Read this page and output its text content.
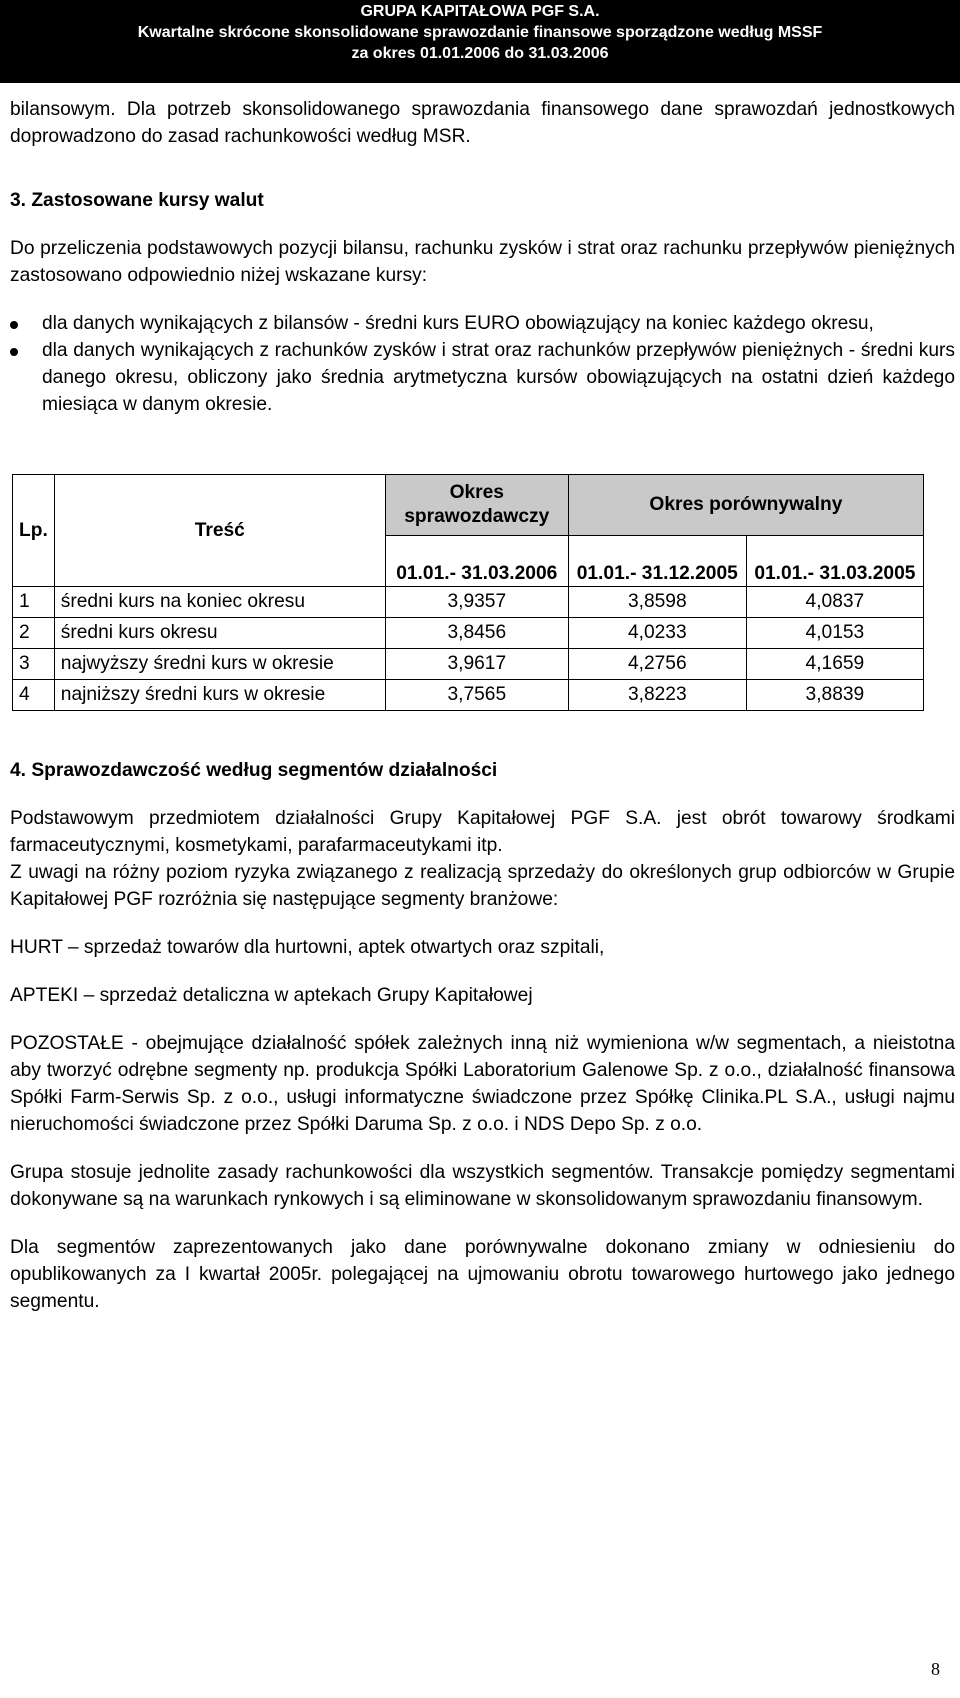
GRUPA KAPITAŁOWA PGF S.A.
Kwartalne skrócone skonsolidowane sprawozdanie finansowe sporządzone według MSSF
za okres 01.01.2006 do 31.03.2006

bilansowym. Dla potrzeb skonsolidowanego sprawozdania finansowego dane sprawozdań jednostkowych doprowadzono do zasad rachunkowości według MSR.

3. Zastosowane kursy walut

Do przeliczenia podstawowych pozycji bilansu, rachunku zysków i strat oraz rachunku przepływów pieniężnych zastosowano odpowiednio niżej wskazane kursy:

dla danych wynikających z bilansów - średni kurs EURO obowiązujący na koniec każdego okresu,
dla danych wynikających z rachunków zysków i strat oraz rachunków przepływów pieniężnych - średni kurs danego okresu, obliczony jako średnia arytmetyczna kursów obowiązujących na ostatni dzień każdego miesiąca w danym okresie.
Lp.	Treść	Okres sprawozdawczy	Okres porównywalny	
		01.01.- 31.03.2006	01.01.- 31.12.2005	01.01.- 31.03.2005
1	średni kurs na koniec okresu	3,9357	3,8598	4,0837
2	średni kurs okresu	3,8456	4,0233	4,0153
3	najwyższy średni kurs w okresie	3,9617	4,2756	4,1659
4	najniższy średni kurs w okresie	3,7565	3,8223	3,8839

4. Sprawozdawczość według segmentów działalności

Podstawowym przedmiotem działalności Grupy Kapitałowej PGF S.A. jest obrót towarowy środkami farmaceutycznymi, kosmetykami, parafarmaceutykami itp.

Z uwagi na różny poziom ryzyka związanego z realizacją sprzedaży do określonych grup odbiorców w Grupie Kapitałowej PGF rozróżnia się następujące segmenty branżowe:

HURT – sprzedaż towarów dla hurtowni, aptek otwartych oraz szpitali,

APTEKI – sprzedaż detaliczna w aptekach Grupy Kapitałowej

POZOSTAŁE - obejmujące działalność spółek zależnych inną niż wymieniona w/w segmentach, a nieistotna aby tworzyć odrębne segmenty np. produkcja Spółki Laboratorium Galenowe Sp. z o.o., działalność finansowa Spółki Farm-Serwis Sp. z o.o., usługi informatyczne świadczone przez Spółkę Clinika.PL S.A., usługi najmu nieruchomości świadczone przez Spółki Daruma Sp. z o.o. i NDS Depo Sp. z o.o.

Grupa stosuje jednolite zasady rachunkowości dla wszystkich segmentów. Transakcje pomiędzy segmentami dokonywane są na warunkach rynkowych i są eliminowane w skonsolidowanym sprawozdaniu finansowym.

Dla segmentów zaprezentowanych jako dane porównywalne dokonano zmiany w odniesieniu do opublikowanych za I kwartał 2005r. polegającej na ujmowaniu obrotu towarowego hurtowego jako jednego segmentu.

8
